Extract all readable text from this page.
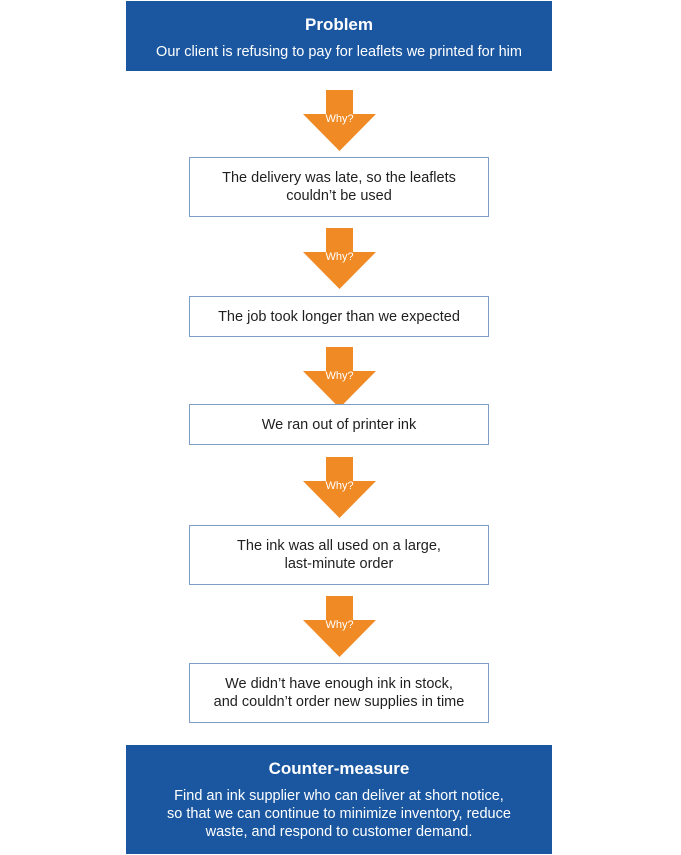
Problem
Our client is refusing to pay for leaflets we printed for him
Why?
The delivery was late, so the leaflets
couldn’t be used
Why?
The job took longer than we expected
Why?
We ran out of printer ink
Why?
The ink was all used on a large,
last-minute order
Why?
We didn’t have enough ink in stock,
and couldn’t order new supplies in time
Counter-measure
Find an ink supplier who can deliver at short notice,
so that we can continue to minimize inventory, reduce
waste, and respond to customer demand.
